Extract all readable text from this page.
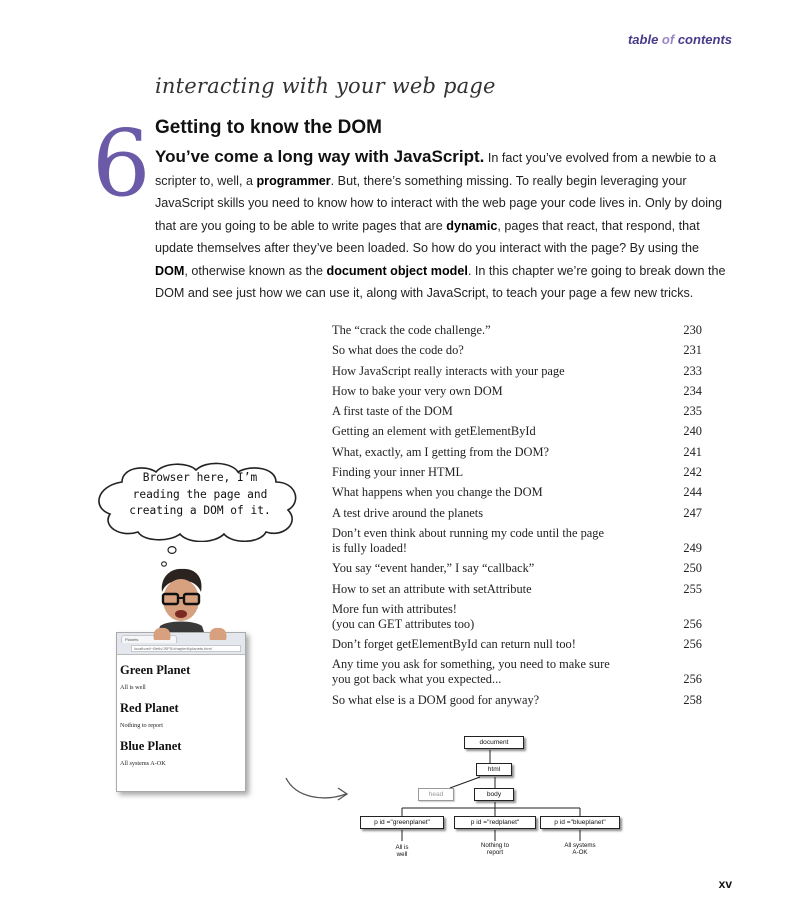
table of contents
interacting with your web page
6 Getting to know the DOM
You’ve come a long way with JavaScript. In fact you’ve evolved from a newbie to a scripter to, well, a programmer. But, there’s something missing. To really begin leveraging your JavaScript skills you need to know how to interact with the web page your code lives in. Only by doing that are you going to be able to write pages that are dynamic, pages that react, that respond, that update themselves after they’ve been loaded. So how do you interact with the page? By using the DOM, otherwise known as the document object model. In this chapter we’re going to break down the DOM and see just how we can use it, along with JavaScript, to teach your page a few new tricks.
The “crack the code challenge.”	230
So what does the code do?	231
How JavaScript really interacts with your page	233
How to bake your very own DOM	234
A first taste of the DOM	235
Getting an element with getElementById	240
What, exactly, am I getting from the DOM?	241
Finding your inner HTML	242
What happens when you change the DOM	244
A test drive around the planets	247
Don’t even think about running my code until the page
is fully loaded!	249
You say “event hander,” I say “callback”	250
How to set an attribute with setAttribute	255
More fun with attributes!
(you can GET attributes too)	256
Don’t forget getElementById can return null too!	256
Any time you ask for something, you need to make sure
you got back what you expected...	256
So what else is a DOM good for anyway?	258
Browser here, I’m reading the page and creating a DOM of it.
Planets
localhost/~Beth/JSFS/chapter6/planets.html
Green Planet

All is well

Red Planet

Nothing to report

Blue Planet

All systems A-OK

document
html
head	body
p id ="greenplanet"	p id ="redplanet"	p id ="blueplanet"
All is
well
Nothing to
report
All systems
A-OK
xv
